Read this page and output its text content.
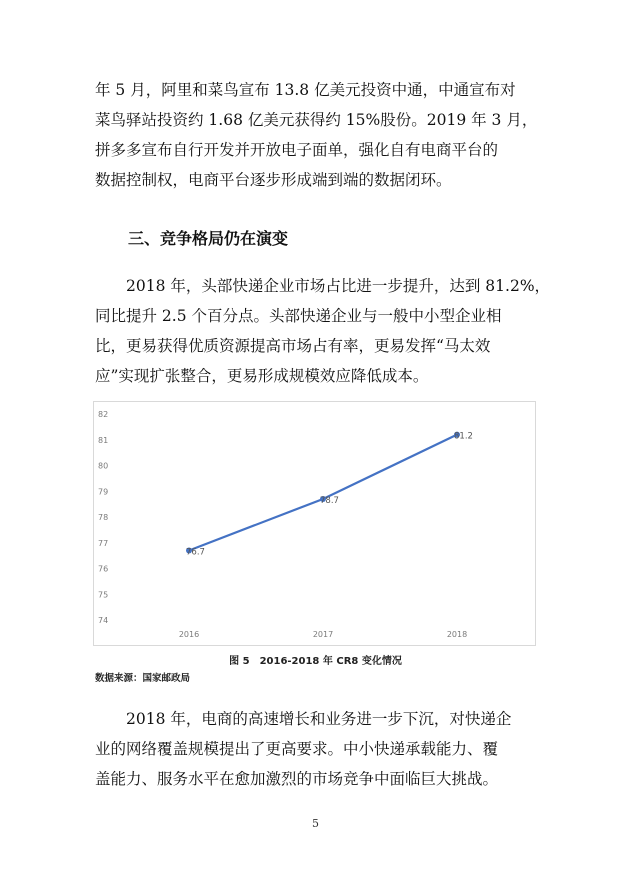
年 5 月，阿里和菜鸟宣布 13.8 亿美元投资中通，中通宣布对
菜鸟驿站投资约 1.68 亿美元获得约 15%股份。2019 年 3 月，
拼多多宣布自行开发并开放电子面单，强化自有电商平台的
数据控制权，电商平台逐步形成端到端的数据闭环。

三、竞争格局仍在演变

2018 年，头部快递企业市场占比进一步提升，达到 81.2%，
同比提升 2.5 个百分点。头部快递企业与一般中小型企业相
比，更易获得优质资源提高市场占有率，更易发挥“马太效
应”实现扩张整合，更易形成规模效应降低成本。

82
81
80
79
78
77
76
75
74
2016	2017	2018
76.7
78.7
81.2
图 5　2016-2018 年 CR8 变化情况
数据来源：国家邮政局

2018 年，电商的高速增长和业务进一步下沉，对快递企
业的网络覆盖规模提出了更高要求。中小快递承载能力、覆
盖能力、服务水平在愈加激烈的市场竞争中面临巨大挑战。

5
